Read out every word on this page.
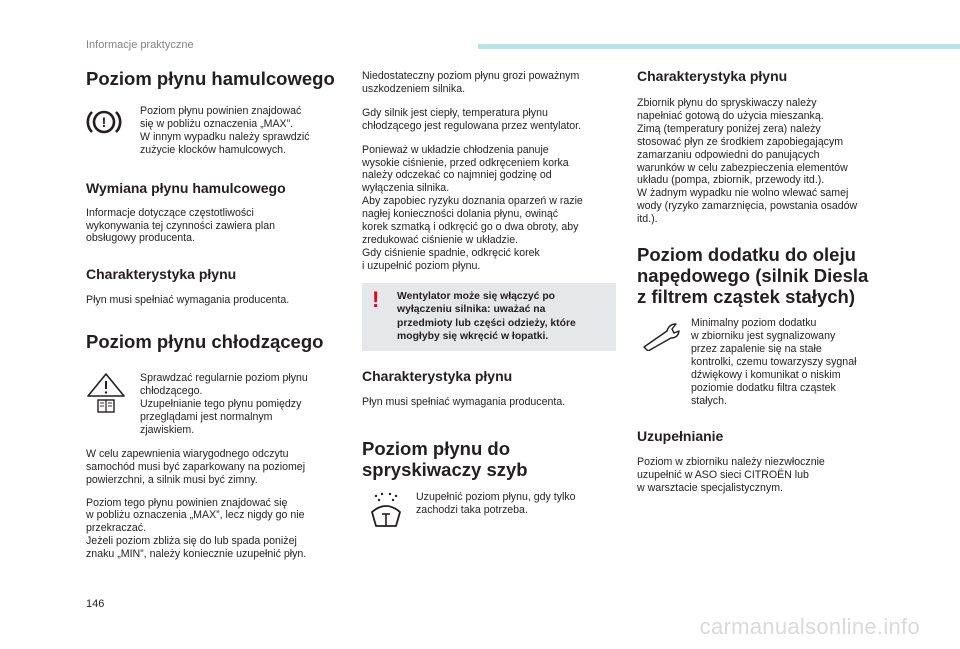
Informacje praktyczne
Poziom płynu hamulcowego
!

Poziom płynu powinien znajdować
się w pobliżu oznaczenia „MAX”.
W innym wypadku należy sprawdzić
zużycie klocków hamulcowych.

Wymiana płynu hamulcowego

Informacje dotyczące częstotliwości
wykonywania tej czynności zawiera plan
obsługowy producenta.

Charakterystyka płynu

Płyn musi spełniać wymagania producenta.

Poziom płynu chłodzącego

Sprawdzać regularnie poziom płynu
chłodzącego.
Uzupełnianie tego płynu pomiędzy
przeglądami jest normalnym
zjawiskiem.

W celu zapewnienia wiarygodnego odczytu
samochód musi być zaparkowany na poziomej
powierzchni, a silnik musi być zimny.

Poziom tego płynu powinien znajdować się
w pobliżu oznaczenia „MAX”, lecz nigdy go nie
przekraczać.
Jeżeli poziom zbliża się do lub spada poniżej
znaku „MIN”, należy koniecznie uzupełnić płyn.

Niedostateczny poziom płynu grozi poważnym
uszkodzeniem silnika.

Gdy silnik jest ciepły, temperatura płynu
chłodzącego jest regulowana przez wentylator.

Ponieważ w układzie chłodzenia panuje
wysokie ciśnienie, przed odkręceniem korka
należy odczekać co najmniej godzinę od
wyłączenia silnika.
Aby zapobiec ryzyku doznania oparzeń w razie
nagłej konieczności dolania płynu, owinąć
korek szmatką i odkręcić go o dwa obroty, aby
zredukować ciśnienie w układzie.
Gdy ciśnienie spadnie, odkręcić korek
i uzupełnić poziom płynu.

! Wentylator może się włączyć po
wyłączeniu silnika: uważać na
przedmioty lub części odzieży, które
mogłyby się wkręcić w łopatki.

Charakterystyka płynu

Płyn musi spełniać wymagania producenta.

Poziom płynu do
spryskiwaczy szyb

Uzupełnić poziom płynu, gdy tylko
zachodzi taka potrzeba.

Charakterystyka płynu

Zbiornik płynu do spryskiwaczy należy
napełniać gotową do użycia mieszanką.
Zimą (temperatury poniżej zera) należy
stosować płyn ze środkiem zapobiegającym
zamarzaniu odpowiedni do panujących
warunków w celu zabezpieczenia elementów
układu (pompa, zbiornik, przewody itd.).
W żadnym wypadku nie wolno wlewać samej
wody (ryzyko zamarznięcia, powstania osadów
itd.).

Poziom dodatku do oleju
napędowego (silnik Diesla
z filtrem cząstek stałych)

Minimalny poziom dodatku
w zbiorniku jest sygnalizowany
przez zapalenie się na stałe
kontrolki, czemu towarzyszy sygnał
dźwiękowy i komunikat o niskim
poziomie dodatku filtra cząstek
stałych.

Uzupełnianie

Poziom w zbiorniku należy niezwłocznie
uzupełnić w ASO sieci CITROËN lub
w warsztacie specjalistycznym.

146
carmanualsonline.info
